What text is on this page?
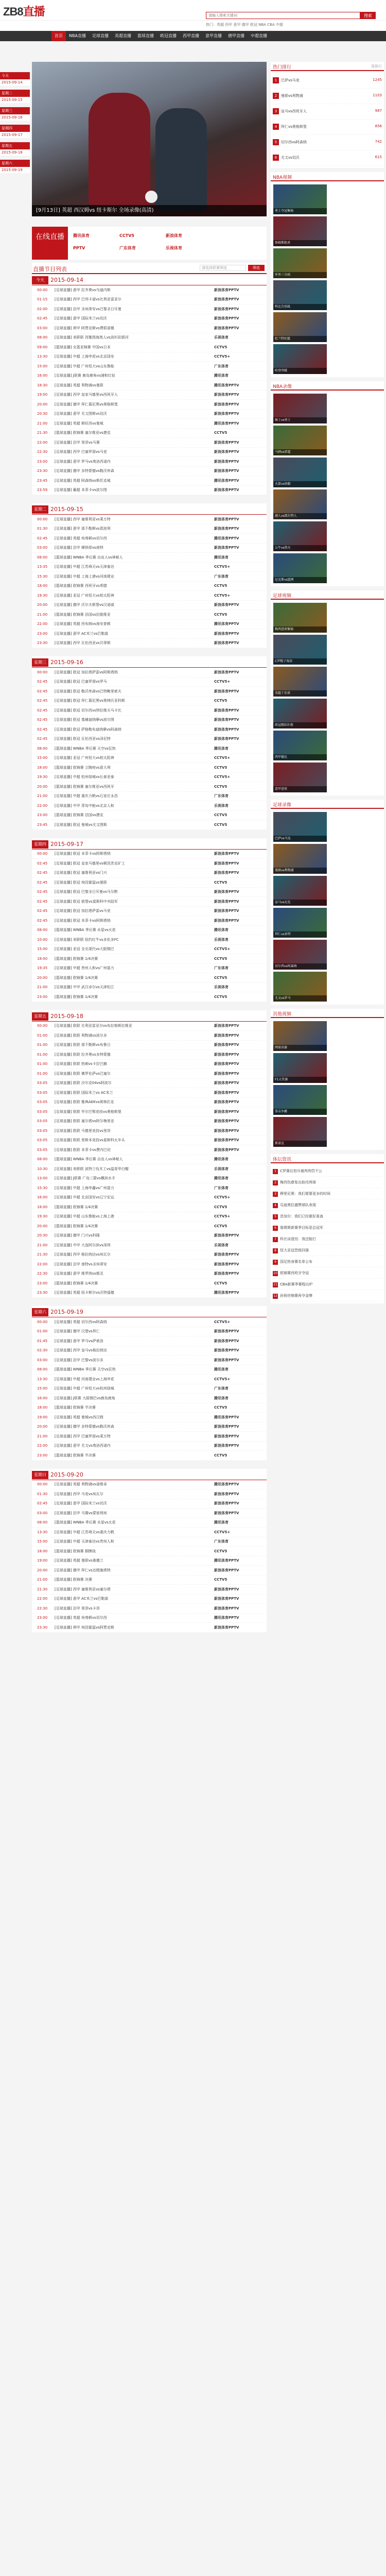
ZB8直播

请输入搜索关键词	搜索
热门：英超 西甲 意甲 德甲 欧冠 NBA CBA 中超
首页	NBA直播	足球直播	英超直播	篮球直播	欧冠直播	西甲直播	意甲直播	德甲直播	中超直播
今天
2015-09-14
星期二
2015-09-15
星期三
2015-09-16
星期四
2015-09-17
星期五
2015-09-18
星期六
2015-09-19
[9月13日] 英超 西汉姆vs 纽卡斯尔 全场录像(高清)
在线直播	腾讯体育	CCTV5	新浪体育
PPTV	广东体育	乐视体育
直播节目列表	请选择联赛筛选	筛选
今天	2015-09-14
00:00	[足球直播] 意甲 拉齐奥vs乌迪内斯	新浪体育PPTV
01:15	[足球直播] 西甲 巴列卡诺vs比利亚雷亚尔	新浪体育PPTV
02:00	[足球直播] 法甲 圣埃蒂安vs巴黎圣日耳曼	新浪体育PPTV
02:45	[足球直播] 意甲 国际米兰vs切沃	新浪体育PPTV
03:00	[足球直播] 荷甲 阿贾克斯vs费耶诺德	新浪体育PPTV
08:00	[足球直播] 美职联 西雅图海湾人vs洛杉矶银河	乐视体育
09:00	[篮球直播] 女篮亚锦赛 中国vs日本	CCTV5
13:30	[足球直播] 中超 上海申花vs北京国安	CCTV5+
15:00	[足球直播] 中超 广州恒大vs山东鲁能	广东体育
16:00	[足球直播] J联赛 鹿岛鹿角vs浦和红钻	腾讯体育
18:30	[足球直播] 英超 利物浦vs曼联	腾讯体育PPTV
19:00	[足球直播] 西甲 皇家马德里vs西班牙人	新浪体育PPTV
20:00	[足球直播] 德甲 拜仁慕尼黑vs奥格斯堡	新浪体育PPTV
20:30	[足球直播] 意甲 尤文图斯vs切沃	新浪体育PPTV
21:00	[足球直播] 英超 斯旺西vs曼城	腾讯体育PPTV
21:30	[篮球直播] 欧锦赛 塞尔维亚vs捷克	CCTV5
22:00	[足球直播] 法甲 里昂vs马赛	新浪体育PPTV
22:30	[足球直播] 西甲 巴塞罗那vs马竞	新浪体育PPTV
23:00	[足球直播] 意甲 罗马vs弗洛西诺内	新浪体育PPTV
23:30	[足球直播] 德甲 多特蒙德vs勒沃库森	新浪体育PPTV
23:45	[足球直播] 英超 阿森纳vs斯托克城	腾讯体育PPTV
23:59	[足球直播] 葡超 本菲卡vs波尔图	新浪体育PPTV
星期二 2015-09-15
00:00	[足球直播] 西甲 塞维利亚vs莱万特	新浪体育PPTV
01:30	[足球直播] 意甲 那不勒斯vs恩波利	新浪体育PPTV
02:45	[足球直播] 英超 埃弗顿vs切尔西	腾讯体育PPTV
03:00	[足球直播] 法甲 摩纳哥vs南特	新浪体育PPTV
08:00	[篮球直播] WNBA 季后赛 自由人vs神秘人	腾讯体育
13:35	[足球直播] 中超 江苏舜天vs天津泰达	CCTV5+
15:30	[足球直播] 中超 上海上港vs河南建业	广东体育
18:00	[篮球直播] 欧锦赛 西班牙vs希腊	CCTV5
19:30	[足球直播] 亚冠 广州恒大vs柏太阳神	CCTV5+
20:00	[足球直播] 德甲 沃尔夫斯堡vs汉诺威	新浪体育PPTV
21:00	[篮球直播] 欧锦赛 法国vs拉脱维亚	CCTV5
22:00	[足球直播] 英超 西布朗vs南安普顿	腾讯体育PPTV
23:00	[足球直播] 意甲 AC米兰vs巴勒莫	新浪体育PPTV
23:30	[足球直播] 西甲 瓦伦西亚vs贝蒂斯	新浪体育PPTV
星期三 2015-09-16
00:00	[足球直播] 欧冠 加拉塔萨雷vs阿斯塔纳	新浪体育PPTV
02:45	[足球直播] 欧冠 巴塞罗那vs罗马	CCTV5+
02:45	[足球直播] 欧冠 勒沃库森vs巴特鲍里索夫	新浪体育PPTV
02:45	[足球直播] 欧冠 拜仁慕尼黑vs奥林匹亚科斯	CCTV5
02:45	[足球直播] 欧冠 切尔西vs特拉维夫马卡比	新浪体育PPTV
02:45	[足球直播] 欧冠 基辅迪纳摩vs波尔图	新浪体育PPTV
02:45	[足球直播] 欧冠 萨格勒布迪纳摩vs阿森纳	新浪体育PPTV
02:45	[足球直播] 欧冠 瓦伦西亚vs泽尼特	新浪体育PPTV
08:00	[篮球直播] WNBA 季后赛 天空vs狂热	腾讯体育
15:00	[足球直播] 亚冠 广州恒大vs柏太阳神	CCTV5+
18:00	[篮球直播] 欧锦赛 立陶宛vs意大利	CCTV5
19:30	[足球直播] 中超 杭州绿城vs长春亚泰	CCTV5+
20:00	[篮球直播] 欧锦赛 塞尔维亚vs西班牙	CCTV5
21:00	[足球直播] 中超 重庆力帆vs石家庄永昌	广东体育
22:00	[足球直播] 中甲 青岛中能vs北京人和	乐视体育
23:00	[篮球直播] 欧锦赛 法国vs捷克	CCTV5
23:45	[足球直播] 欧冠 曼城vs尤文图斯	CCTV5
星期四 2015-09-17
00:00	[足球直播] 欧冠 本菲卡vs阿斯塔纳	新浪体育PPTV
02:45	[足球直播] 欧冠 皇家马德里vs顿涅茨克矿工	新浪体育PPTV
02:45	[足球直播] 欧冠 塞维利亚vs门兴	新浪体育PPTV
02:45	[足球直播] 欧冠 埃因霍温vs曼联	CCTV5
02:45	[足球直播] 欧冠 巴黎圣日耳曼vs马尔默	新浪体育PPTV
02:45	[足球直播] 欧冠 狼堡vs莫斯科中央陆军	新浪体育PPTV
02:45	[足球直播] 欧冠 加拉塔萨雷vs马竞	新浪体育PPTV
02:45	[足球直播] 欧冠 本菲卡vs阿斯塔纳	新浪体育PPTV
08:00	[篮球直播] WNBA 季后赛 水星vs火花	腾讯体育
10:00	[足球直播] 美职联 纽约红牛vs多伦多FC	乐视体育
15:00	[足球直播] 亚冠 全北现代vs大阪钢巴	CCTV5+
18:00	[篮球直播] 欧锦赛 1/4决赛	CCTV5
19:35	[足球直播] 中超 贵州人和vs广州富力	广东体育
20:00	[篮球直播] 欧锦赛 1/4决赛	CCTV5
21:00	[足球直播] 中甲 武汉卓尔vs天津松江	乐视体育
23:00	[篮球直播] 欧锦赛 1/4决赛	CCTV5
星期五 2015-09-18
00:00	[足球直播] 欧联 比利亚雷亚尔vs布拉格斯拉维亚	新浪体育PPTV
01:00	[足球直播] 欧联 利物浦vs波尔多	新浪体育PPTV
01:00	[足球直播] 欧联 那不勒斯vs布鲁日	新浪体育PPTV
01:00	[足球直播] 欧联 拉齐奥vs多特蒙德	新浪体育PPTV
01:00	[足球直播] 欧联 热刺vs卡拉巴赫	新浪体育PPTV
01:00	[足球直播] 欧联 佛罗伦萨vs巴塞尔	新浪体育PPTV
03:05	[足球直播] 欧联 沙尔克04vs阿波尔	新浪体育PPTV
03:05	[足球直播] 欧联 国际米兰vs AC米兰	新浪体育PPTV
03:05	[足球直播] 欧联 雅典AEKvs奥林匹克	新浪体育PPTV
03:05	[足球直播] 欧联 毕尔巴鄂竞技vs奥格斯堡	新浪体育PPTV
03:05	[足球直播] 欧联 塞尔塔vs阿尔梅里亚	新浪体育PPTV
03:05	[足球直播] 欧联 马德里竞技vs里昂	新浪体育PPTV
03:05	[足球直播] 欧联 里斯本竞技vs莫斯科火车头	新浪体育PPTV
03:05	[足球直播] 欧联 本菲卡vs费内巴切	新浪体育PPTV
08:00	[篮球直播] WNBA 季后赛 自由人vs神秘人	腾讯体育
10:30	[足球直播] 美职联 波特兰伐木工vs温哥华白帽	乐视体育
13:00	[足球直播] J联赛 广岛三箭vs横滨水手	腾讯体育
15:30	[足球直播] 中超 上海申鑫vs广州富力	广东体育
16:00	[足球直播] 中超 北京国安vs辽宁宏运	CCTV5+
18:00	[篮球直播] 欧锦赛 1/4决赛	CCTV5
19:30	[足球直播] 中超 山东鲁能vs上海上港	CCTV5+
20:00	[篮球直播] 欧锦赛 1/4决赛	CCTV5
20:30	[足球直播] 德甲 门兴vs科隆	新浪体育PPTV
21:00	[足球直播] 中甲 大连阿尔滨vs深圳	乐视体育
21:30	[足球直播] 西甲 格拉纳达vs埃瓦尔	新浪体育PPTV
22:00	[足球直播] 法甲 南特vs圣埃蒂安	新浪体育PPTV
22:30	[足球直播] 意甲 维罗纳vs都灵	新浪体育PPTV
23:00	[篮球直播] 欧锦赛 1/4决赛	CCTV5
23:30	[足球直播] 英超 纽卡斯尔vs沃特福德	腾讯体育PPTV
星期六 2015-09-19
00:00	[足球直播] 英超 切尔西vs阿森纳	CCTV5+
01:00	[足球直播] 德甲 汉堡vs拜仁	新浪体育PPTV
01:45	[足球直播] 意甲 罗马vs萨索洛	新浪体育PPTV
02:30	[足球直播] 西甲 皇马vs格拉纳达	新浪体育PPTV
03:00	[足球直播] 法甲 巴黎vs波尔多	新浪体育PPTV
08:00	[篮球直播] WNBA 季后赛 天空vs狂热	腾讯体育
13:30	[足球直播] 中超 河南建业vs上海申花	CCTV5+
15:00	[足球直播] 中超 广州恒大vs杭州绿城	广东体育
16:00	[足球直播] J联赛 大阪钢巴vs鹿岛鹿角	腾讯体育
18:00	[篮球直播] 欧锦赛 半决赛	CCTV5
19:00	[足球直播] 英超 曼城vs西汉姆	腾讯体育PPTV
20:00	[足球直播] 德甲 多特蒙德vs勒沃库森	新浪体育PPTV
21:00	[足球直播] 西甲 巴塞罗那vs莱万特	新浪体育PPTV
22:00	[足球直播] 意甲 尤文vs弗洛西诺内	新浪体育PPTV
23:00	[篮球直播] 欧锦赛 半决赛	CCTV5
星期日 2015-09-20
00:00	[足球直播] 英超 利物浦vs诺维奇	腾讯体育PPTV
01:30	[足球直播] 西甲 马竞vs埃瓦尔	新浪体育PPTV
02:45	[足球直播] 意甲 国际米兰vs切沃	新浪体育PPTV
03:00	[足球直播] 法甲 马赛vs蒙彼利埃	新浪体育PPTV
08:00	[篮球直播] WNBA 季后赛 水星vs火花	腾讯体育
13:30	[足球直播] 中超 江苏舜天vs重庆力帆	CCTV5+
15:00	[足球直播] 中超 天津泰达vs贵州人和	广东体育
18:00	[篮球直播] 欧锦赛 铜牌战	CCTV5
19:00	[足球直播] 英超 曼联vs桑德兰	腾讯体育PPTV
20:00	[足球直播] 德甲 拜仁vs达姆施塔特	新浪体育PPTV
21:00	[篮球直播] 欧锦赛 决赛	CCTV5
21:30	[足球直播] 西甲 塞维利亚vs塞尔塔	新浪体育PPTV
22:00	[足球直播] 意甲 AC米兰vs巴勒莫	新浪体育PPTV
22:30	[足球直播] 法甲 里昂vs卡昂	新浪体育PPTV
23:00	[足球直播] 英超 埃弗顿vs切尔西	腾讯体育PPTV
23:30	[足球直播] 荷甲 埃因霍温vs阿贾克斯	新浪体育PPTV
热门排行	周排行
1	巴萨vs马竞	1245
2	曼联vs利物浦	1103
3	皇马vs西班牙人	987
4	拜仁vs奥格斯堡	856
5	切尔西vs阿森纳	742
6	尤文vs切沃	615
NBA视频
勇士夺冠集锦
詹姆斯绝杀
库里三分雨
科比告别战
杜兰特扣篮
哈登突破
NBA录像
骑士vs勇士
马刺vs雷霆
火箭vs快船
湖人vs凯尔特人
公牛vs热火
尼克斯vs篮网
足球视频
梅西进球集锦
C罗帽子戏法
英超十佳球
欧冠精彩扑救
西甲德比
意甲进球
足球录像
巴萨vs马竞
曼联vs利物浦
皇马vs瓦伦
拜仁vs多特
切尔西vs阿森纳
尤文vs罗马
其他视频
网球决赛
F1大奖赛
拳击争霸
斯诺克
体坛资讯
1 C罗赛后怒斥裁判判罚不公
2 梅西伤愈复出助攻两球
3 穆里尼奥：我们需要更多的时间
4 瓜迪奥拉盛赞球队表现
5 范加尔：我们已经做好准备
6 詹姆斯新赛季目标是总冠军
7 科比谈退役：我还能打
8 恒大亚冠晋级四强
9 国足热身赛名单公布
10 欧锦赛西班牙夺冠
11 CBA新赛季赛程出炉
12 孙杨世锦赛再夺金牌
